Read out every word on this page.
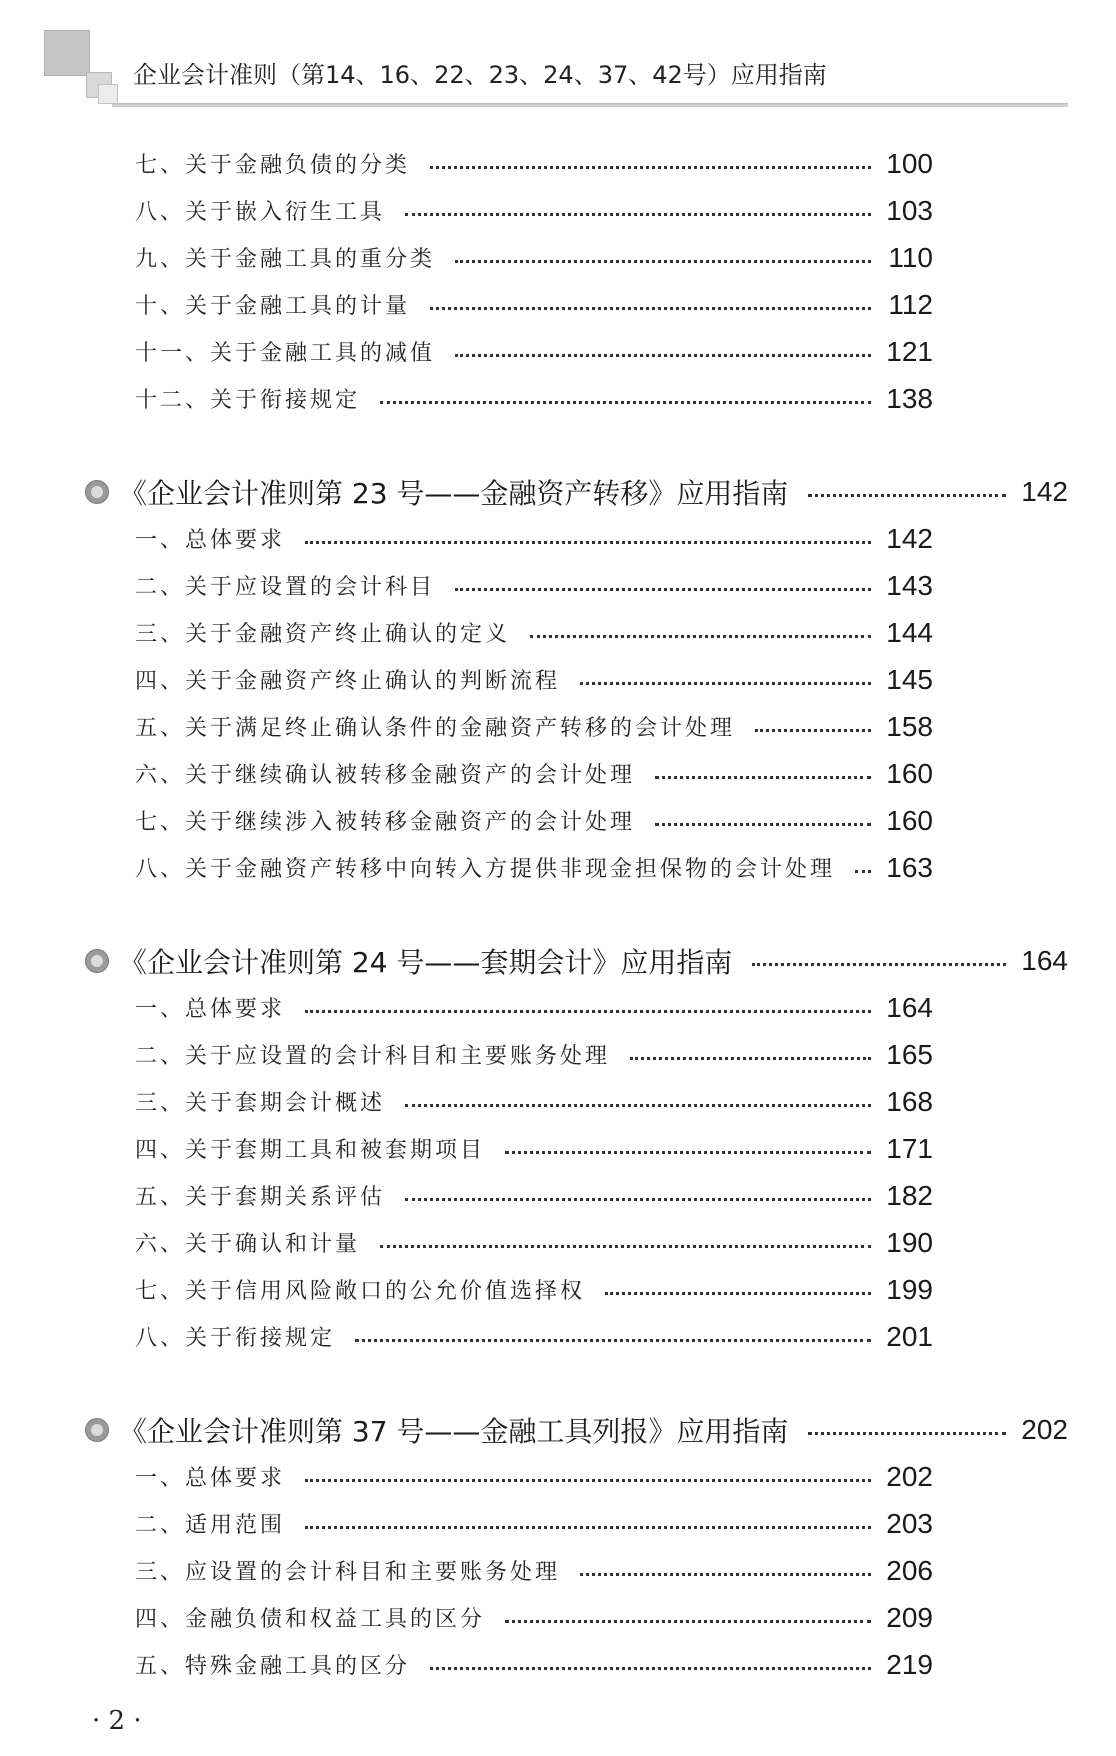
企业会计准则（第14、16、22、23、24、37、42号）应用指南
七、关于金融负债的分类	100
八、关于嵌入衍生工具	103
九、关于金融工具的重分类	110
十、关于金融工具的计量	112
十一、关于金融工具的减值	121
十二、关于衔接规定	138
《企业会计准则第 23 号——金融资产转移》应用指南	142
一、总体要求	142
二、关于应设置的会计科目	143
三、关于金融资产终止确认的定义	144
四、关于金融资产终止确认的判断流程	145
五、关于满足终止确认条件的金融资产转移的会计处理	158
六、关于继续确认被转移金融资产的会计处理	160
七、关于继续涉入被转移金融资产的会计处理	160
八、关于金融资产转移中向转入方提供非现金担保物的会计处理 163
《企业会计准则第 24 号——套期会计》应用指南	164
一、总体要求	164
二、关于应设置的会计科目和主要账务处理	165
三、关于套期会计概述	168
四、关于套期工具和被套期项目	171
五、关于套期关系评估	182
六、关于确认和计量	190
七、关于信用风险敞口的公允价值选择权	199
八、关于衔接规定	201
《企业会计准则第 37 号——金融工具列报》应用指南	202
一、总体要求	202
二、适用范围	203
三、应设置的会计科目和主要账务处理	206
四、金融负债和权益工具的区分	209
五、特殊金融工具的区分	219
· 2 ·
